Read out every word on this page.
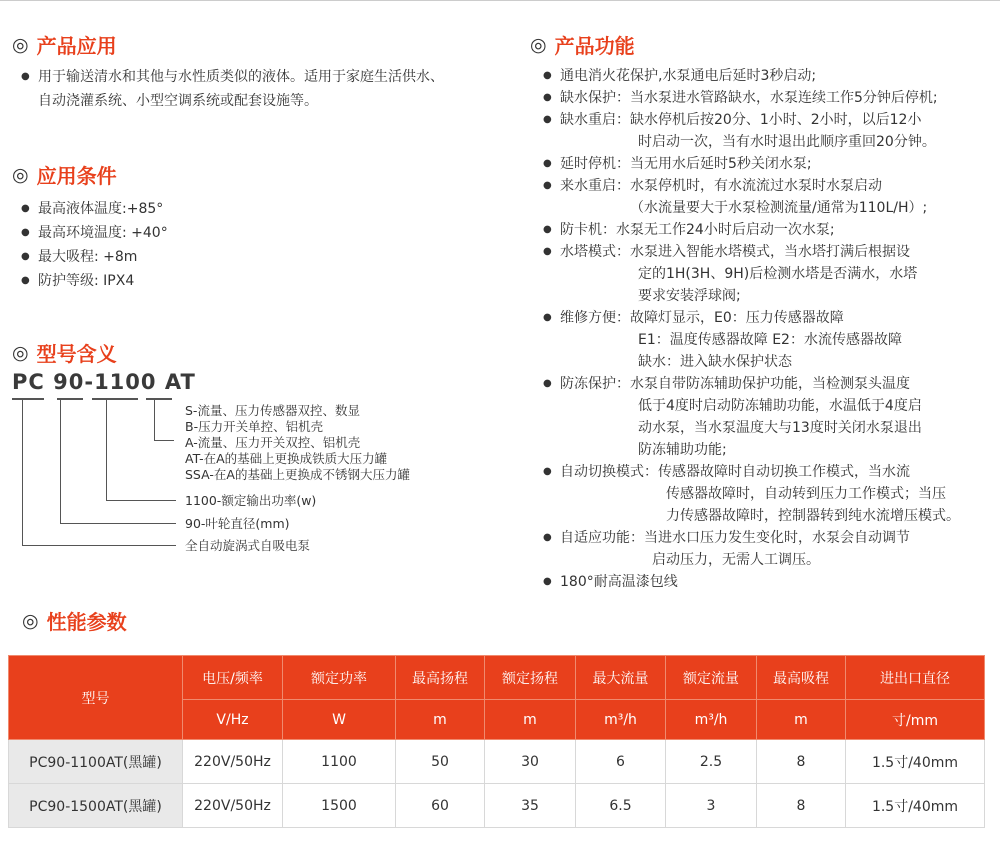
◎ 产品应用
● 用于输送清水和其他与水性质类似的液体。适用于家庭生活供水、
自动浇灌系统、小型空调系统或配套设施等。
◎ 应用条件
● 最高液体温度:+85°
● 最高环境温度: +40°
● 最大吸程: +8m
● 防护等级: IPX4
◎ 型号含义
PC 90-1100 AT
S-流量、压力传感器双控、数显
B-压力开关单控、铝机壳
A-流量、压力开关双控、铝机壳
AT-在A的基础上更换成铁质大压力罐
SSA-在A的基础上更换成不锈钢大压力罐
1100-额定输出功率(w)
90-叶轮直径(mm)
全自动旋涡式自吸电泵
◎ 产品功能
● 通电消火花保护,水泵通电后延时3秒启动;
● 缺水保护：当水泵进水管路缺水，水泵连续工作5分钟后停机;
● 缺水重启：缺水停机后按20分、1小时、2小时，以后12小
时启动一次，当有水时退出此顺序重回20分钟。
● 延时停机：当无用水后延时5秒关闭水泵;
● 来水重启：水泵停机时，有水流流过水泵时水泵启动
（水流量要大于水泵检测流量/通常为110L/H）;
● 防卡机：水泵无工作24小时后启动一次水泵;
● 水塔模式：水泵进入智能水塔模式，当水塔打满后根据设
定的1H(3H、9H)后检测水塔是否满水，水塔
要求安装浮球阀;
● 维修方便：故障灯显示，E0：压力传感器故障
E1：温度传感器故障 E2：水流传感器故障
缺水：进入缺水保护状态
● 防冻保护：水泵自带防冻辅助保护功能，当检测泵头温度
低于4度时启动防冻辅助功能，水温低于4度启
动水泵，当水泵温度大与13度时关闭水泵退出
防冻辅助功能;
● 自动切换模式：传感器故障时自动切换工作模式，当水流
传感器故障时，自动转到压力工作模式；当压
力传感器故障时，控制器转到纯水流增压模式。
● 自适应功能：当进水口压力发生变化时，水泵会自动调节
启动压力，无需人工调压。
● 180°耐高温漆包线
◎ 性能参数
型号	电压/频率	额定功率	最高扬程	额定扬程	最大流量	额定流量	最高吸程	进出口直径
	V/Hz	W	m	m	m³/h	m³/h	m	寸/mm
PC90-1100AT(黑罐)	220V/50Hz	1100	50	30	6	2.5	8	1.5寸/40mm
PC90-1500AT(黑罐)	220V/50Hz	1500	60	35	6.5	3	8	1.5寸/40mm
